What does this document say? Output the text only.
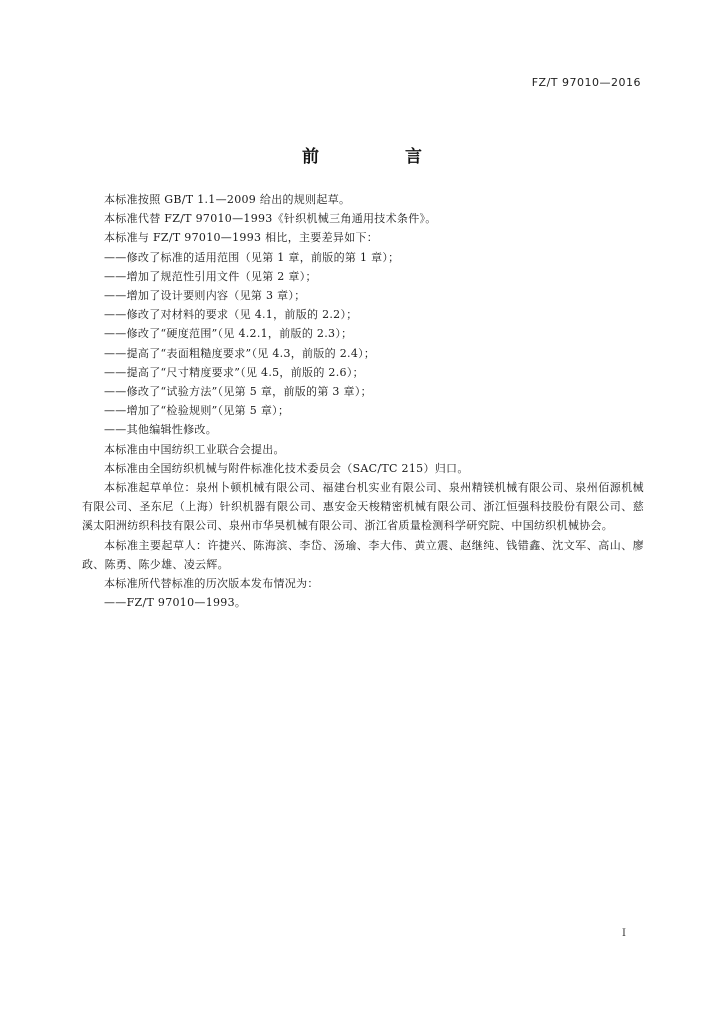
FZ/T 97010—2016
前 言

本标准按照 GB/T 1.1—2009 给出的规则起草。

本标准代替 FZ/T 97010—1993《针织机械三角通用技术条件》。

本标准与 FZ/T 97010—1993 相比，主要差异如下：

——修改了标准的适用范围（见第 1 章，前版的第 1 章）；

——增加了规范性引用文件（见第 2 章）；

——增加了设计要则内容（见第 3 章）；

——修改了对材料的要求（见 4.1，前版的 2.2）；

——修改了“硬度范围”（见 4.2.1，前版的 2.3）；

——提高了“表面粗糙度要求”（见 4.3，前版的 2.4）；

——提高了“尺寸精度要求”（见 4.5，前版的 2.6）；

——修改了“试验方法”（见第 5 章，前版的第 3 章）；

——增加了“检验规则”（见第 5 章）；

——其他编辑性修改。

本标准由中国纺织工业联合会提出。

本标准由全国纺织机械与附件标准化技术委员会（SAC/TC 215）归口。

本标准起草单位：泉州卜顿机械有限公司、福建台机实业有限公司、泉州精镁机械有限公司、泉州佰源机械有限公司、圣东尼（上海）针织机器有限公司、惠安金天梭精密机械有限公司、浙江恒强科技股份有限公司、慈溪太阳洲纺织科技有限公司、泉州市华昊机械有限公司、浙江省质量检测科学研究院、中国纺织机械协会。

本标准主要起草人：许捷兴、陈海滨、李岱、汤瑜、李大伟、黄立震、赵继纯、钱错鑫、沈文军、高山、廖政、陈勇、陈少雄、凌云辉。

本标准所代替标准的历次版本发布情况为：

——FZ/T 97010—1993。

I
